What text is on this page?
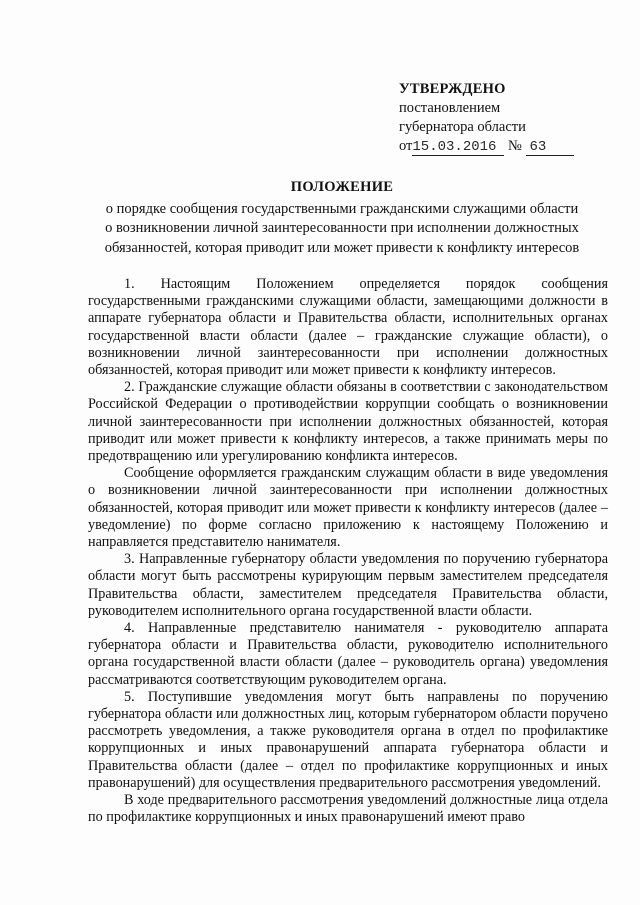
УТВЕРЖДЕНО
постановлением
губернатора области
от15.03.2016 № 63
ПОЛОЖЕНИЕ
о порядке сообщения государственными гражданскими служащими области
о возникновении личной заинтересованности при исполнении должностных
обязанностей, которая приводит или может привести к конфликту интересов

1. Настоящим Положением определяется порядок сообщения государственными гражданскими служащими области, замещающими должности в аппарате губернатора области и Правительства области, исполнительных органах государственной власти области (далее – гражданские служащие области), о возникновении личной заинтересованности при исполнении должностных обязанностей, которая приводит или может привести к конфликту интересов.

2. Гражданские служащие области обязаны в соответствии с законодательством Российской Федерации о противодействии коррупции сообщать о возникновении личной заинтересованности при исполнении должностных обязанностей, которая приводит или может привести к конфликту интересов, а также принимать меры по предотвращению или урегулированию конфликта интересов.

Сообщение оформляется гражданским служащим области в виде уведомления о возникновении личной заинтересованности при исполнении должностных обязанностей, которая приводит или может привести к конфликту интересов (далее – уведомление) по форме согласно приложению к настоящему Положению и направляется представителю нанимателя.

3. Направленные губернатору области уведомления по поручению губернатора области могут быть рассмотрены курирующим первым заместителем председателя Правительства области, заместителем председателя Правительства области, руководителем исполнительного органа государственной власти области.

4. Направленные представителю нанимателя - руководителю аппарата губернатора области и Правительства области, руководителю исполнительного органа государственной власти области (далее – руководитель органа) уведомления рассматриваются соответствующим руководителем органа.

5. Поступившие уведомления могут быть направлены по поручению губернатора области или должностных лиц, которым губернатором области поручено рассмотреть уведомления, а также руководителя органа в отдел по профилактике коррупционных и иных правонарушений аппарата губернатора области и Правительства области (далее – отдел по профилактике коррупционных и иных правонарушений) для осуществления предварительного рассмотрения уведомлений.

В ходе предварительного рассмотрения уведомлений должностные лица отдела по профилактике коррупционных и иных правонарушений имеют право
